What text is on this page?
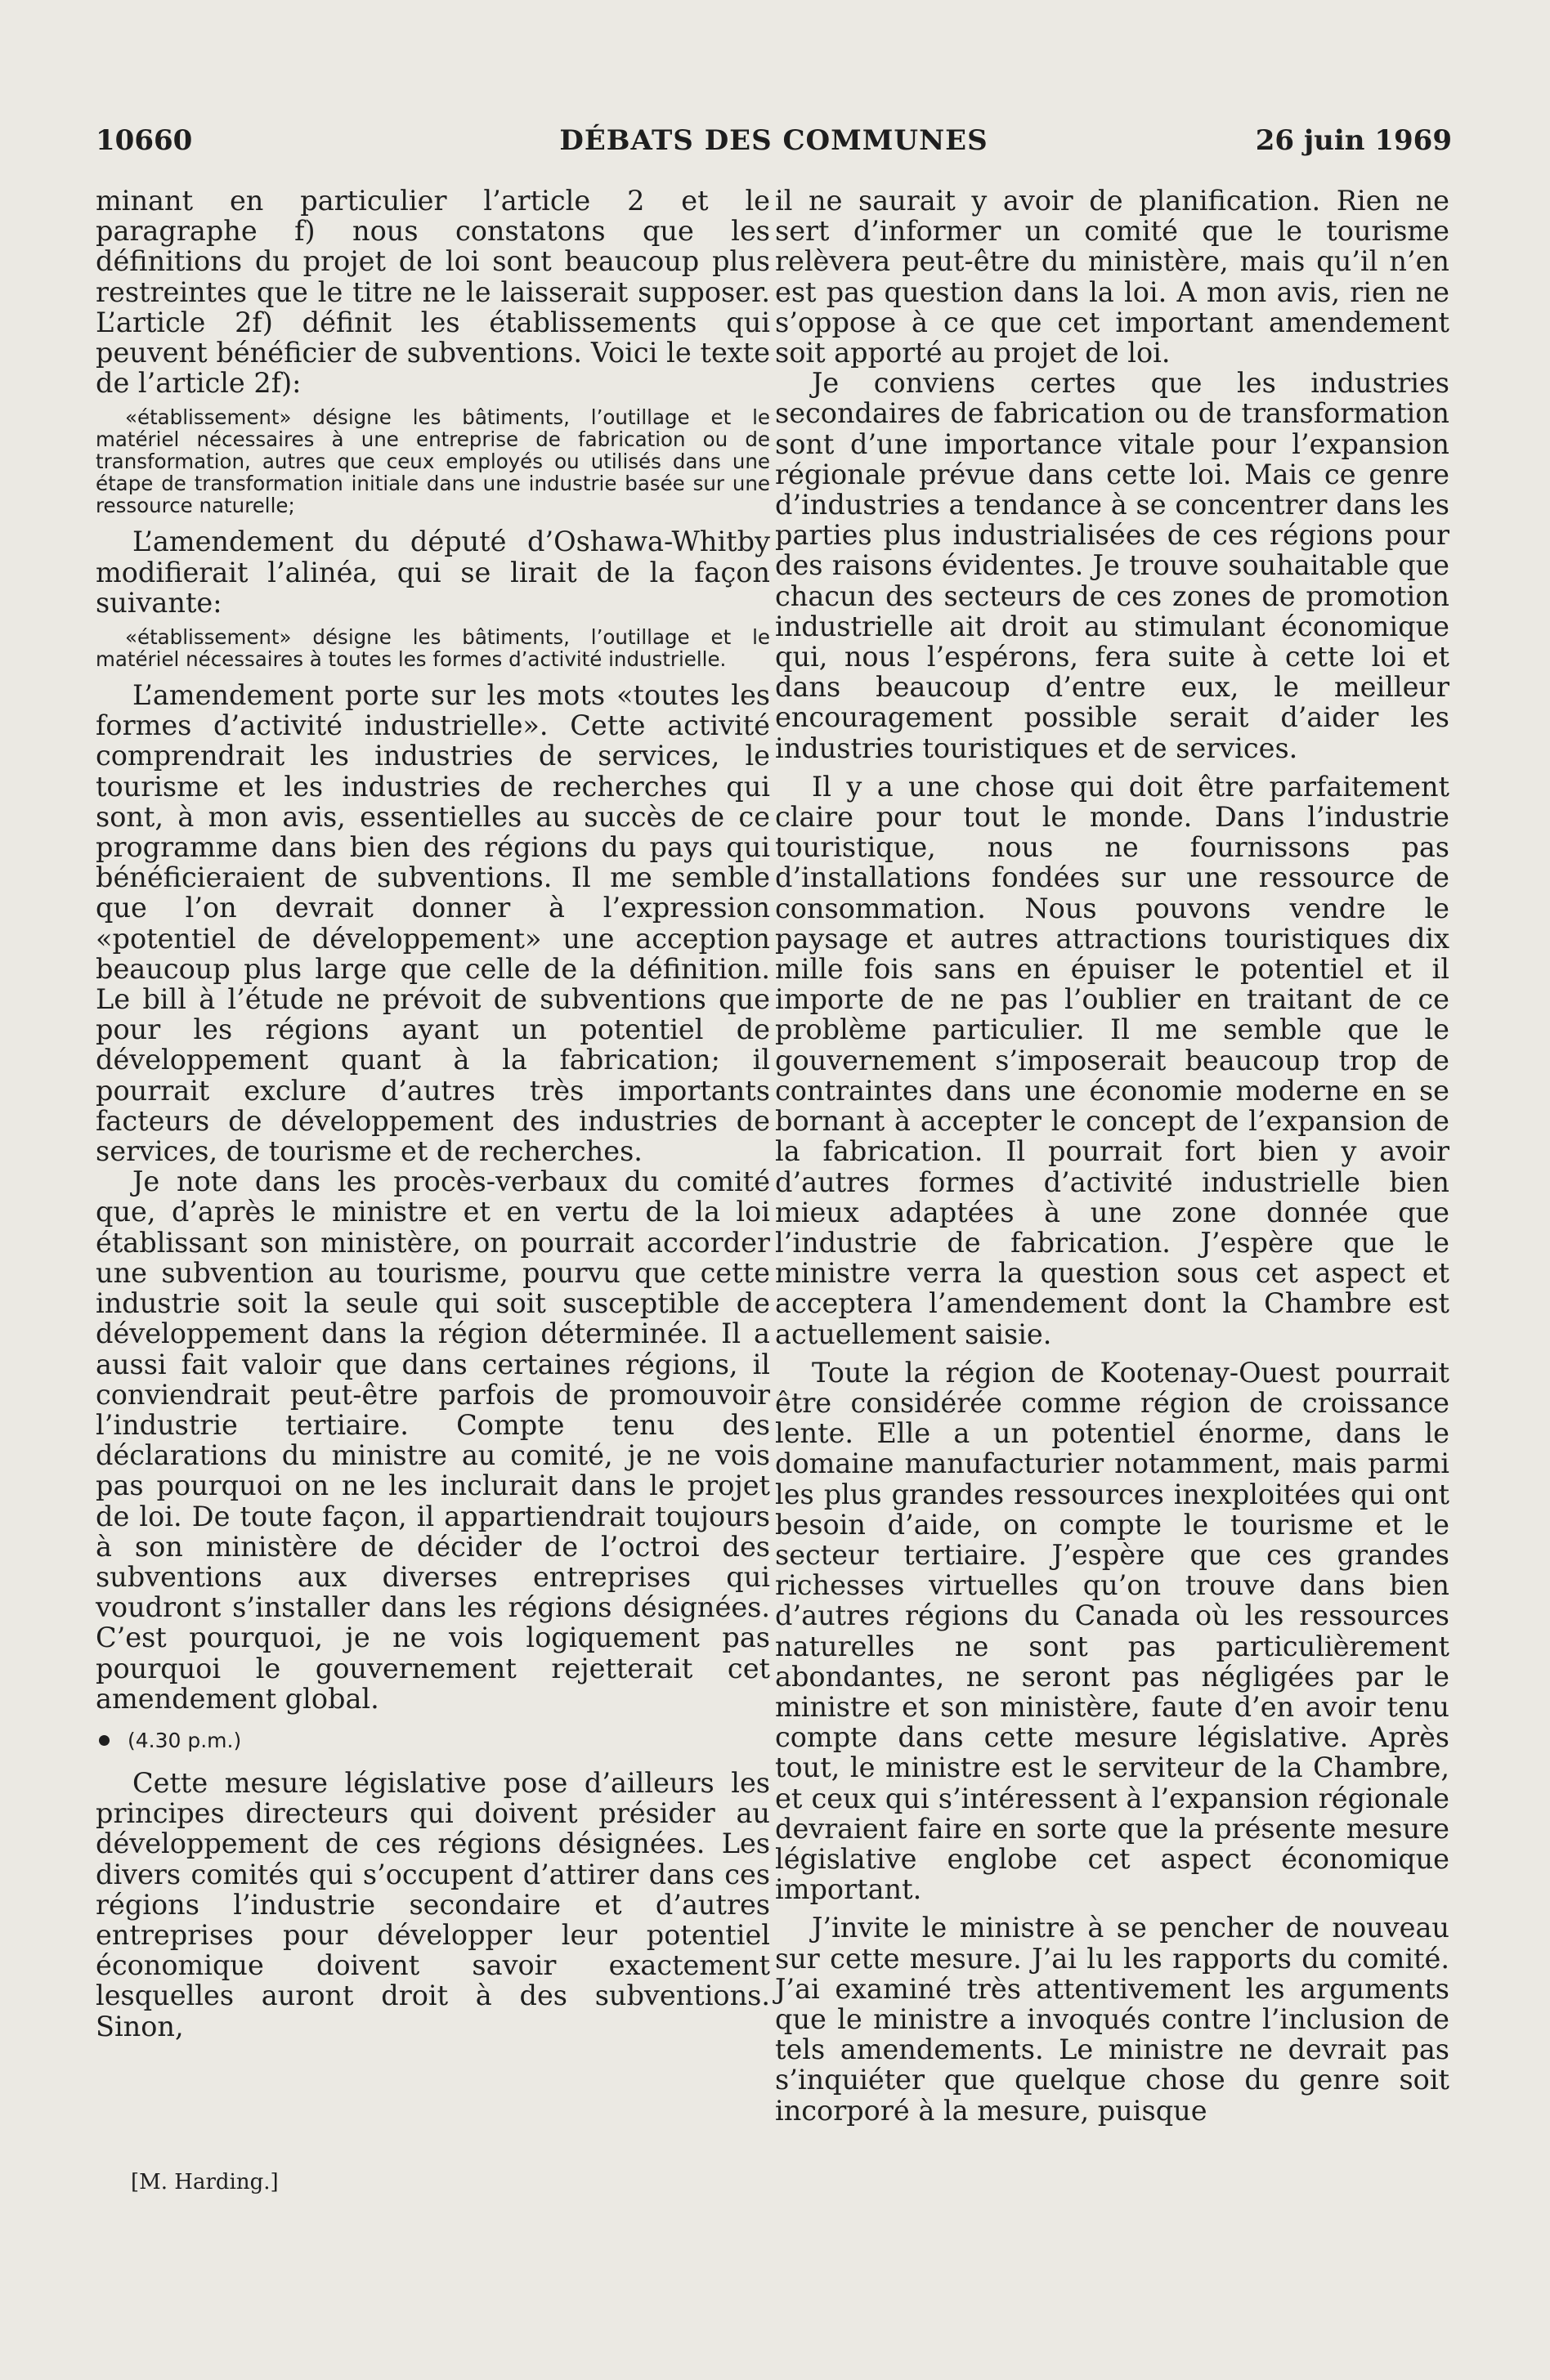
10660	DÉBATS DES COMMUNES	26 juin 1969

minant en particulier l’article 2 et le paragraphe f) nous constatons que les définitions du projet de loi sont beaucoup plus restreintes que le titre ne le laisserait supposer. L’article 2f) définit les établissements qui peuvent bénéficier de subventions. Voici le texte de l’article 2f):

«établissement» désigne les bâtiments, l’outillage et le matériel nécessaires à une entreprise de fabrication ou de transformation, autres que ceux employés ou utilisés dans une étape de transformation initiale dans une industrie basée sur une ressource naturelle;

L’amendement du député d’Oshawa-Whitby modifierait l’alinéa, qui se lirait de la façon suivante:

«établissement» désigne les bâtiments, l’outillage et le matériel nécessaires à toutes les formes d’activité industrielle.

L’amendement porte sur les mots «toutes les formes d’activité industrielle». Cette activité comprendrait les industries de services, le tourisme et les industries de recherches qui sont, à mon avis, essentielles au succès de ce programme dans bien des régions du pays qui bénéficieraient de subventions. Il me semble que l’on devrait donner à l’expression «potentiel de développement» une acception beaucoup plus large que celle de la définition. Le bill à l’étude ne prévoit de subventions que pour les régions ayant un potentiel de développement quant à la fabrication; il pourrait exclure d’autres très importants facteurs de développement des industries de services, de tourisme et de recherches.

Je note dans les procès-verbaux du comité que, d’après le ministre et en vertu de la loi établissant son ministère, on pourrait accorder une subvention au tourisme, pourvu que cette industrie soit la seule qui soit susceptible de développement dans la région déterminée. Il a aussi fait valoir que dans certaines régions, il conviendrait peut-être parfois de promouvoir l’industrie tertiaire. Compte tenu des déclarations du ministre au comité, je ne vois pas pourquoi on ne les inclurait dans le projet de loi. De toute façon, il appartiendrait toujours à son ministère de décider de l’octroi des subventions aux diverses entreprises qui voudront s’installer dans les régions désignées. C’est pourquoi, je ne vois logiquement pas pourquoi le gouvernement rejetterait cet amendement global.

(4.30 p.m.)

Cette mesure législative pose d’ailleurs les principes directeurs qui doivent présider au développement de ces régions désignées. Les divers comités qui s’occupent d’attirer dans ces régions l’industrie secondaire et d’autres entreprises pour développer leur potentiel économique doivent savoir exactement lesquelles auront droit à des subventions. Sinon,

il ne saurait y avoir de planification. Rien ne sert d’informer un comité que le tourisme relèvera peut-être du ministère, mais qu’il n’en est pas question dans la loi. A mon avis, rien ne s’oppose à ce que cet important amendement soit apporté au projet de loi.

Je conviens certes que les industries secondaires de fabrication ou de transformation sont d’une importance vitale pour l’expansion régionale prévue dans cette loi. Mais ce genre d’industries a tendance à se concentrer dans les parties plus industrialisées de ces régions pour des raisons évidentes. Je trouve souhaitable que chacun des secteurs de ces zones de promotion industrielle ait droit au stimulant économique qui, nous l’espérons, fera suite à cette loi et dans beaucoup d’entre eux, le meilleur encouragement possible serait d’aider les industries touristiques et de services.

Il y a une chose qui doit être parfaitement claire pour tout le monde. Dans l’industrie touristique, nous ne fournissons pas d’installations fondées sur une ressource de consommation. Nous pouvons vendre le paysage et autres attractions touristiques dix mille fois sans en épuiser le potentiel et il importe de ne pas l’oublier en traitant de ce problème particulier. Il me semble que le gouvernement s’imposerait beaucoup trop de contraintes dans une économie moderne en se bornant à accepter le concept de l’expansion de la fabrication. Il pourrait fort bien y avoir d’autres formes d’activité industrielle bien mieux adaptées à une zone donnée que l’industrie de fabrication. J’espère que le ministre verra la question sous cet aspect et acceptera l’amendement dont la Chambre est actuellement saisie.

Toute la région de Kootenay-Ouest pourrait être considérée comme région de croissance lente. Elle a un potentiel énorme, dans le domaine manufacturier notamment, mais parmi les plus grandes ressources inexploitées qui ont besoin d’aide, on compte le tourisme et le secteur tertiaire. J’espère que ces grandes richesses virtuelles qu’on trouve dans bien d’autres régions du Canada où les ressources naturelles ne sont pas particulièrement abondantes, ne seront pas négligées par le ministre et son ministère, faute d’en avoir tenu compte dans cette mesure législative. Après tout, le ministre est le serviteur de la Chambre, et ceux qui s’intéressent à l’expansion régionale devraient faire en sorte que la présente mesure législative englobe cet aspect économique important.

J’invite le ministre à se pencher de nouveau sur cette mesure. J’ai lu les rapports du comité. J’ai examiné très attentivement les arguments que le ministre a invoqués contre l’inclusion de tels amendements. Le ministre ne devrait pas s’inquiéter que quelque chose du genre soit incorporé à la mesure, puisque

[M. Harding.]
